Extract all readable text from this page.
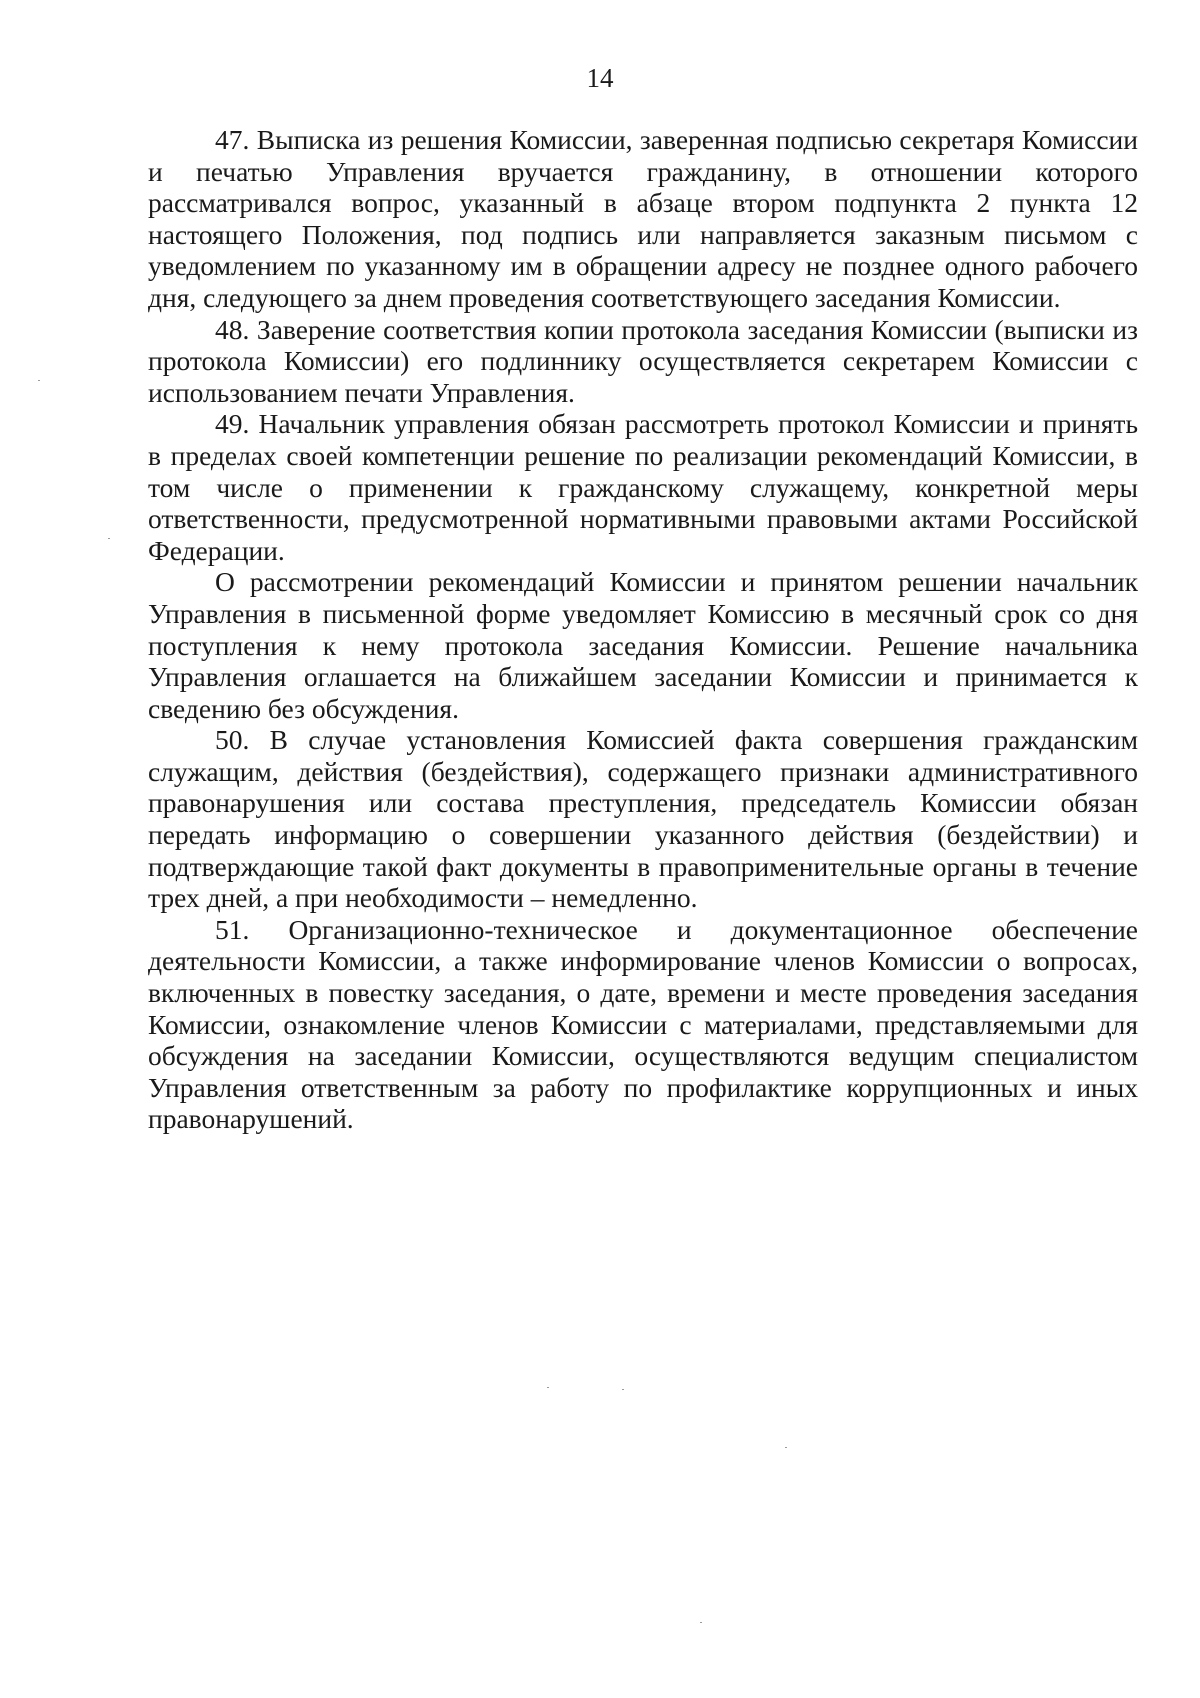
14

47. Выписка из решения Комиссии, заверенная подписью секретаря Комиссии и печатью Управления вручается гражданину, в отношении которого рассматривался вопрос, указанный в абзаце втором подпункта 2 пункта 12 настоящего Положения, под подпись или направляется заказным письмом с уведомлением по указанному им в обращении адресу не позднее одного рабочего дня, следующего за днем проведения соответствующего заседания Комиссии.

48. Заверение соответствия копии протокола заседания Комиссии (выписки из протокола Комиссии) его подлиннику осуществляется секретарем Комиссии с использованием печати Управления.

49. Начальник управления обязан рассмотреть протокол Комиссии и принять в пределах своей компетенции решение по реализации рекомендаций Комиссии, в том числе о применении к гражданскому служащему, конкретной меры ответственности, предусмотренной нормативными правовыми актами Российской Федерации.

О рассмотрении рекомендаций Комиссии и принятом решении начальник Управления в письменной форме уведомляет Комиссию в месячный срок со дня поступления к нему протокола заседания Комиссии. Решение начальника Управления оглашается на ближайшем заседании Комиссии и принимается к сведению без обсуждения.

50. В случае установления Комиссией факта совершения гражданским служащим, действия (бездействия), содержащего признаки административного правонарушения или состава преступления, председатель Комиссии обязан передать информацию о совершении указанного действия (бездействии) и подтверждающие такой факт документы в правоприменительные органы в течение трех дней, а при необходимости – немедленно.

51. Организационно-техническое и документационное обеспечение деятельности Комиссии, а также информирование членов Комиссии о вопросах, включенных в повестку заседания, о дате, времени и месте проведения заседания Комиссии, ознакомление членов Комиссии с материалами, представляемыми для обсуждения на заседании Комиссии, осуществляются ведущим специалистом Управления ответственным за работу по профилактике коррупционных и иных правонарушений.
